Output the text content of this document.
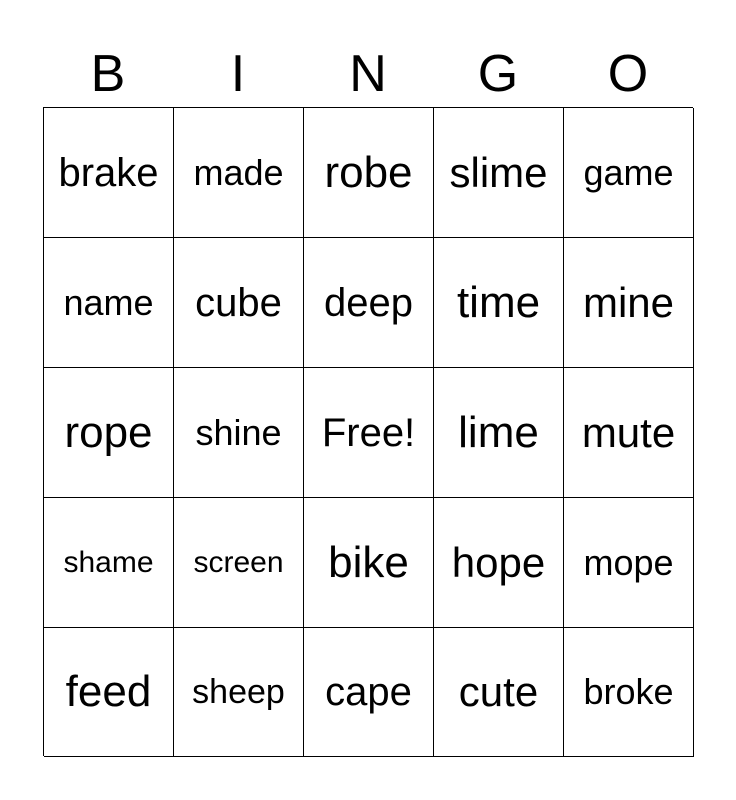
B	I	N	G	O
brake made robe slime game
name	cube	deep time	mine
rope	shine	Free! lime	mute
shame	screen	bike	hope	mope
feed	sheep	cape	cute	broke
